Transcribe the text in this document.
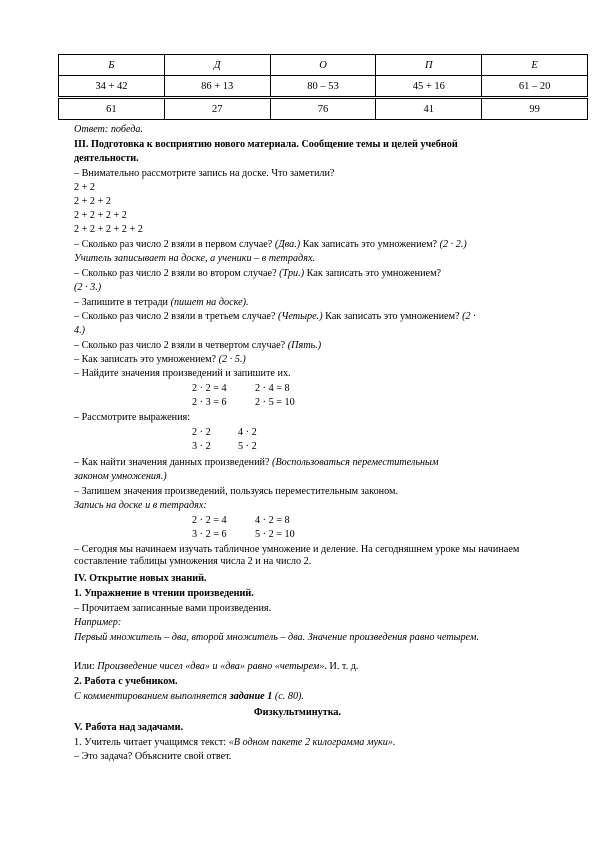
Б	Д	О	П	Е
34 + 42	86 + 13	80 – 53	45 + 16	61 – 20
61	27	76	41	99
Ответ: победа.
III. Подготовка к восприятию нового материала. Сообщение темы и целей учебной
деятельности.
– Внимательно рассмотрите запись на доске. Что заметили?
2 + 2
2 + 2 + 2
2 + 2 + 2 + 2
2 + 2 + 2 + 2 + 2
– Сколько раз число 2 взяли в первом случае? (Два.) Как записать это умножением? (2 · 2.)
Учитель записывает на доске, а ученики – в тетрадях.
– Сколько раз число 2 взяли во втором случае? (Три.) Как записать это умножением?
(2 · 3.)
– Запишите в тетради (пишет на доске).
– Сколько раз число 2 взяли в третьем случае? (Четыре.) Как записать это умножением? (2 ·
4.)
– Сколько раз число 2 взяли в четвертом случае? (Пять.)
– Как записать это умножением? (2 · 5.)
– Найдите значения произведений и запишите их.
2 · 2 = 4	2 · 4 = 8
2 · 3 = 6	2 · 5 = 10
– Рассмотрите выражения:
2 · 2	4 · 2
3 · 2	5 · 2
– Как найти значения данных произведений? (Воспользоваться переместительным
законом умножения.)
– Запишем значения произведений, пользуясь переместительным законом.
Запись на доске и в тетрадях:
2 · 2 = 4	4 · 2 = 8
3 · 2 = 6	5 · 2 = 10
– Сегодня мы начинаем изучать табличное умножение и деление. На сегодняшнем уроке мы начинаем составление таблицы умножения числа 2 и на число 2.
IV. Открытие новых знаний.
1. Упражнение в чтении произведений.
– Прочитаем записанные вами произведения.
Например:
Первый множитель – два, второй множитель – два. Значение произведения равно четырем.
Или: Произведение чисел «два» и «два» равно «четырем». И. т. д.
2. Работа с учебником.
С комментированием выполняется задание 1 (с. 80).
Физкультминутка.
V. Работа над задачами.
1. Учитель читает учащимся текст: «В одном пакете 2 килограмма муки».
– Это задача? Объясните свой ответ.
